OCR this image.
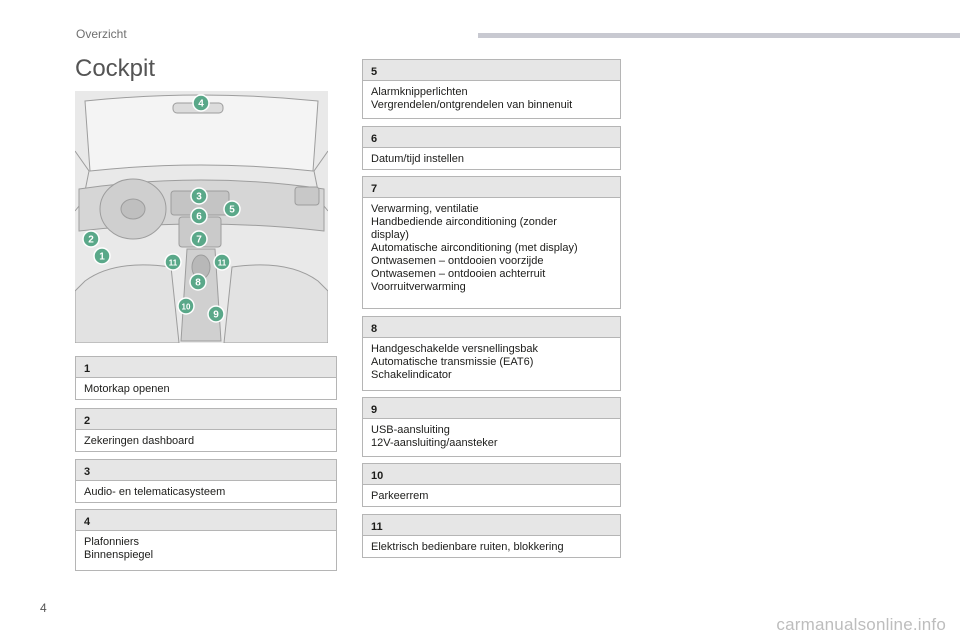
Overzicht
Cockpit
1
2
3
4
5
6
7
8
9
10
11	11
1
Motorkap openen
2
Zekeringen dashboard
3
Audio- en telematicasysteem
4
Plafonniers
Binnenspiegel
5
Alarmknipperlichten
Vergrendelen/ontgrendelen van binnenuit
6
Datum/tijd instellen
7
Verwarming, ventilatie
Handbediende airconditioning (zonder
display)
Automatische airconditioning (met display)
Ontwasemen – ontdooien voorzijde
Ontwasemen – ontdooien achterruit
Voorruitverwarming
8
Handgeschakelde versnellingsbak
Automatische transmissie (EAT6)
Schakelindicator
9
USB-aansluiting
12V-aansluiting/aansteker
10
Parkeerrem
11
Elektrisch bedienbare ruiten, blokkering
4
carmanualsonline.info
